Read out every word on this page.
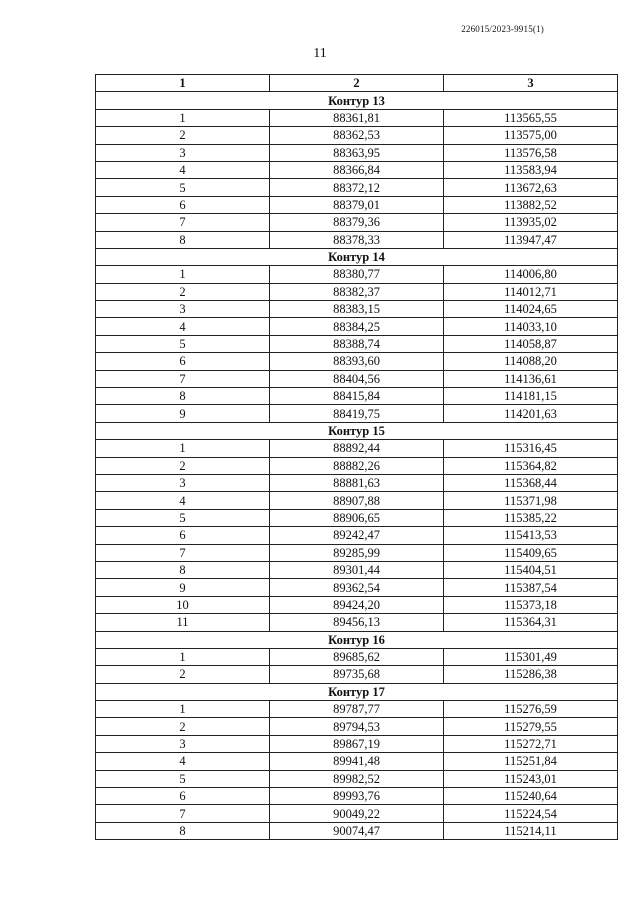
226015/2023-9915(1)
11
1	2	3
Контур 13		
1	88361,81	113565,55
2	88362,53	113575,00
3	88363,95	113576,58
4	88366,84	113583,94
5	88372,12	113672,63
6	88379,01	113882,52
7	88379,36	113935,02
8	88378,33	113947,47
Контур 14		
1	88380,77	114006,80
2	88382,37	114012,71
3	88383,15	114024,65
4	88384,25	114033,10
5	88388,74	114058,87
6	88393,60	114088,20
7	88404,56	114136,61
8	88415,84	114181,15
9	88419,75	114201,63
Контур 15		
1	88892,44	115316,45
2	88882,26	115364,82
3	88881,63	115368,44
4	88907,88	115371,98
5	88906,65	115385,22
6	89242,47	115413,53
7	89285,99	115409,65
8	89301,44	115404,51
9	89362,54	115387,54
10	89424,20	115373,18
11	89456,13	115364,31
Контур 16		
1	89685,62	115301,49
2	89735,68	115286,38
Контур 17		
1	89787,77	115276,59
2	89794,53	115279,55
3	89867,19	115272,71
4	89941,48	115251,84
5	89982,52	115243,01
6	89993,76	115240,64
7	90049,22	115224,54
8	90074,47	115214,11
